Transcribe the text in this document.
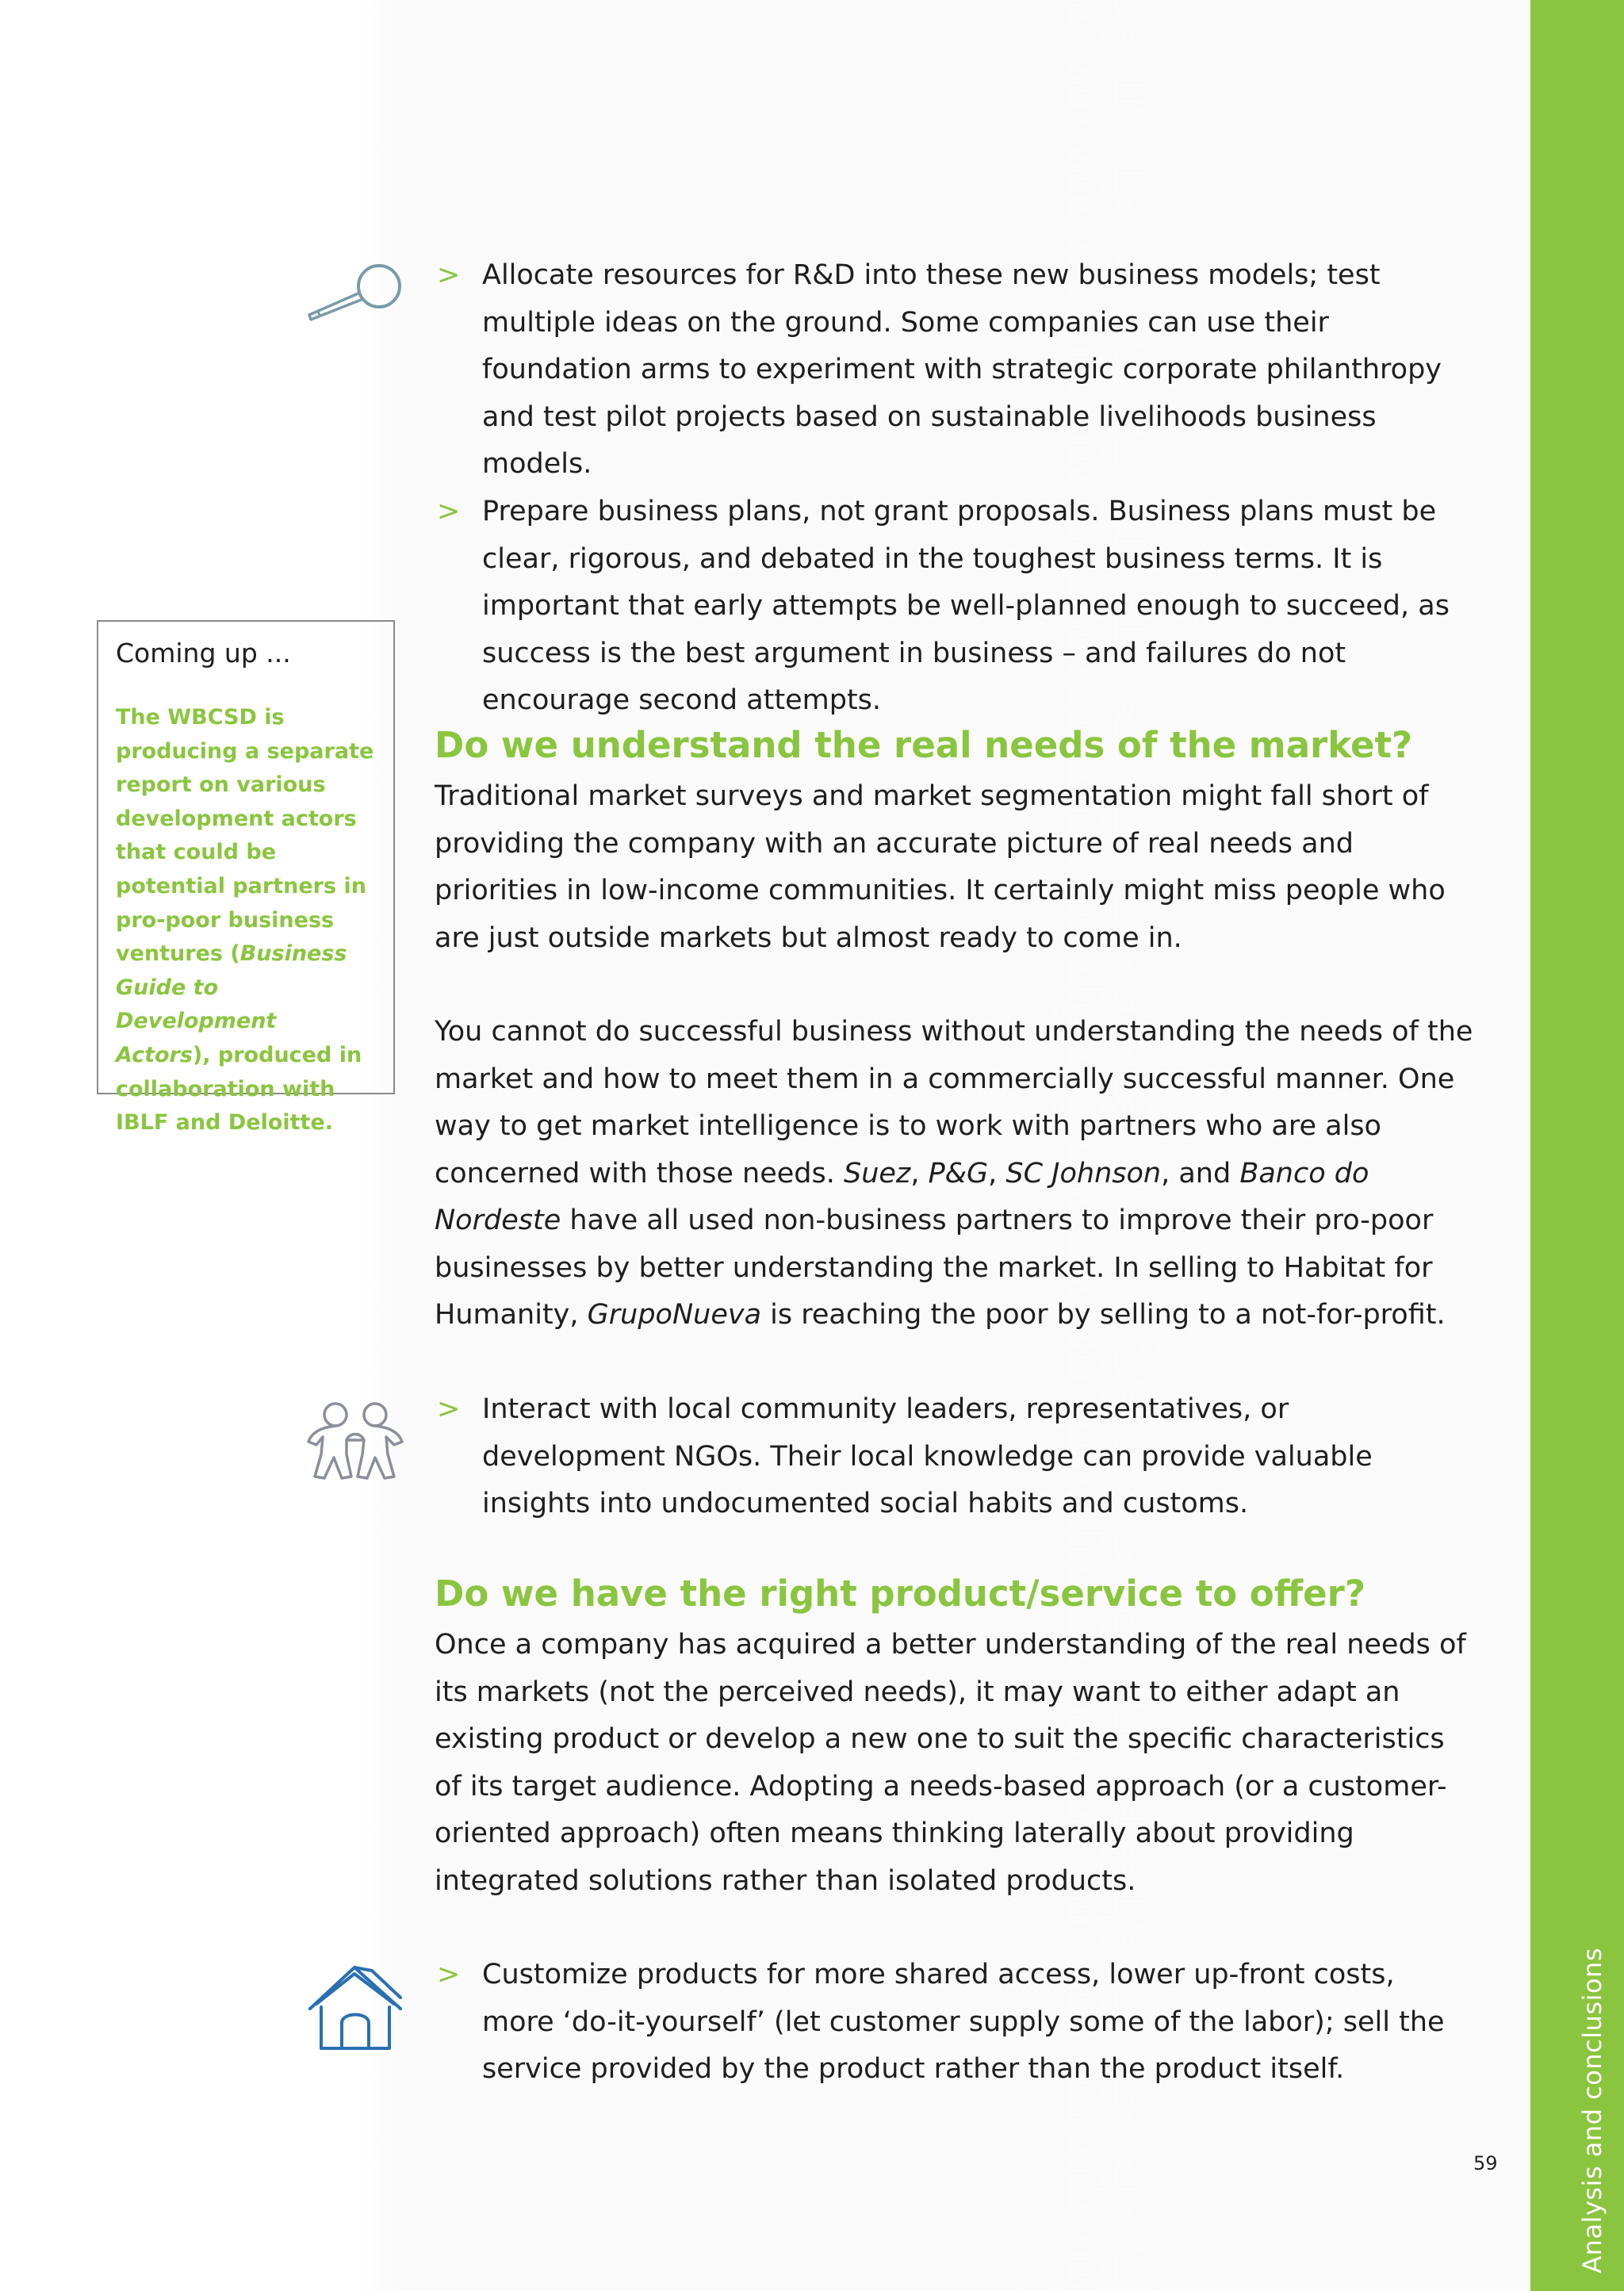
Analysis and conclusions
> Allocate resources for R&D into these new business models; test multiple ideas on the ground. Some companies can use their foundation arms to experiment with strategic corporate philanthropy and test pilot projects based on sustainable livelihoods business models.
> Prepare business plans, not grant proposals. Business plans must be clear, rigorous, and debated in the toughest business terms. It is important that early attempts be well-planned enough to succeed, as success is the best argument in business – and failures do not encourage second attempts.
Coming up ...
The WBCSD is producing a separate report on various development actors that could be potential partners in pro-poor business ventures (Business Guide to Development Actors), produced in collaboration with IBLF and Deloitte.
Do we understand the real needs of the market?
Traditional market surveys and market segmentation might fall short of providing the company with an accurate picture of real needs and priorities in low-income communities. It certainly might miss people who are just outside markets but almost ready to come in.
You cannot do successful business without understanding the needs of the market and how to meet them in a commercially successful manner. One way to get market intelligence is to work with partners who are also concerned with those needs. Suez, P&G, SC Johnson, and Banco do Nordeste have all used non-business partners to improve their pro-poor businesses by better understanding the market. In selling to Habitat for Humanity, GrupoNueva is reaching the poor by selling to a not-for-profit.
> Interact with local community leaders, representatives, or development NGOs. Their local knowledge can provide valuable insights into undocumented social habits and customs.
Do we have the right product/service to offer?
Once a company has acquired a better understanding of the real needs of its markets (not the perceived needs), it may want to either adapt an existing product or develop a new one to suit the specific characteristics of its target audience. Adopting a needs-based approach (or a customer-oriented approach) often means thinking laterally about providing integrated solutions rather than isolated products.
> Customize products for more shared access, lower up-front costs, more ‘do-it-yourself’ (let customer supply some of the labor); sell the service provided by the product rather than the product itself.
59
